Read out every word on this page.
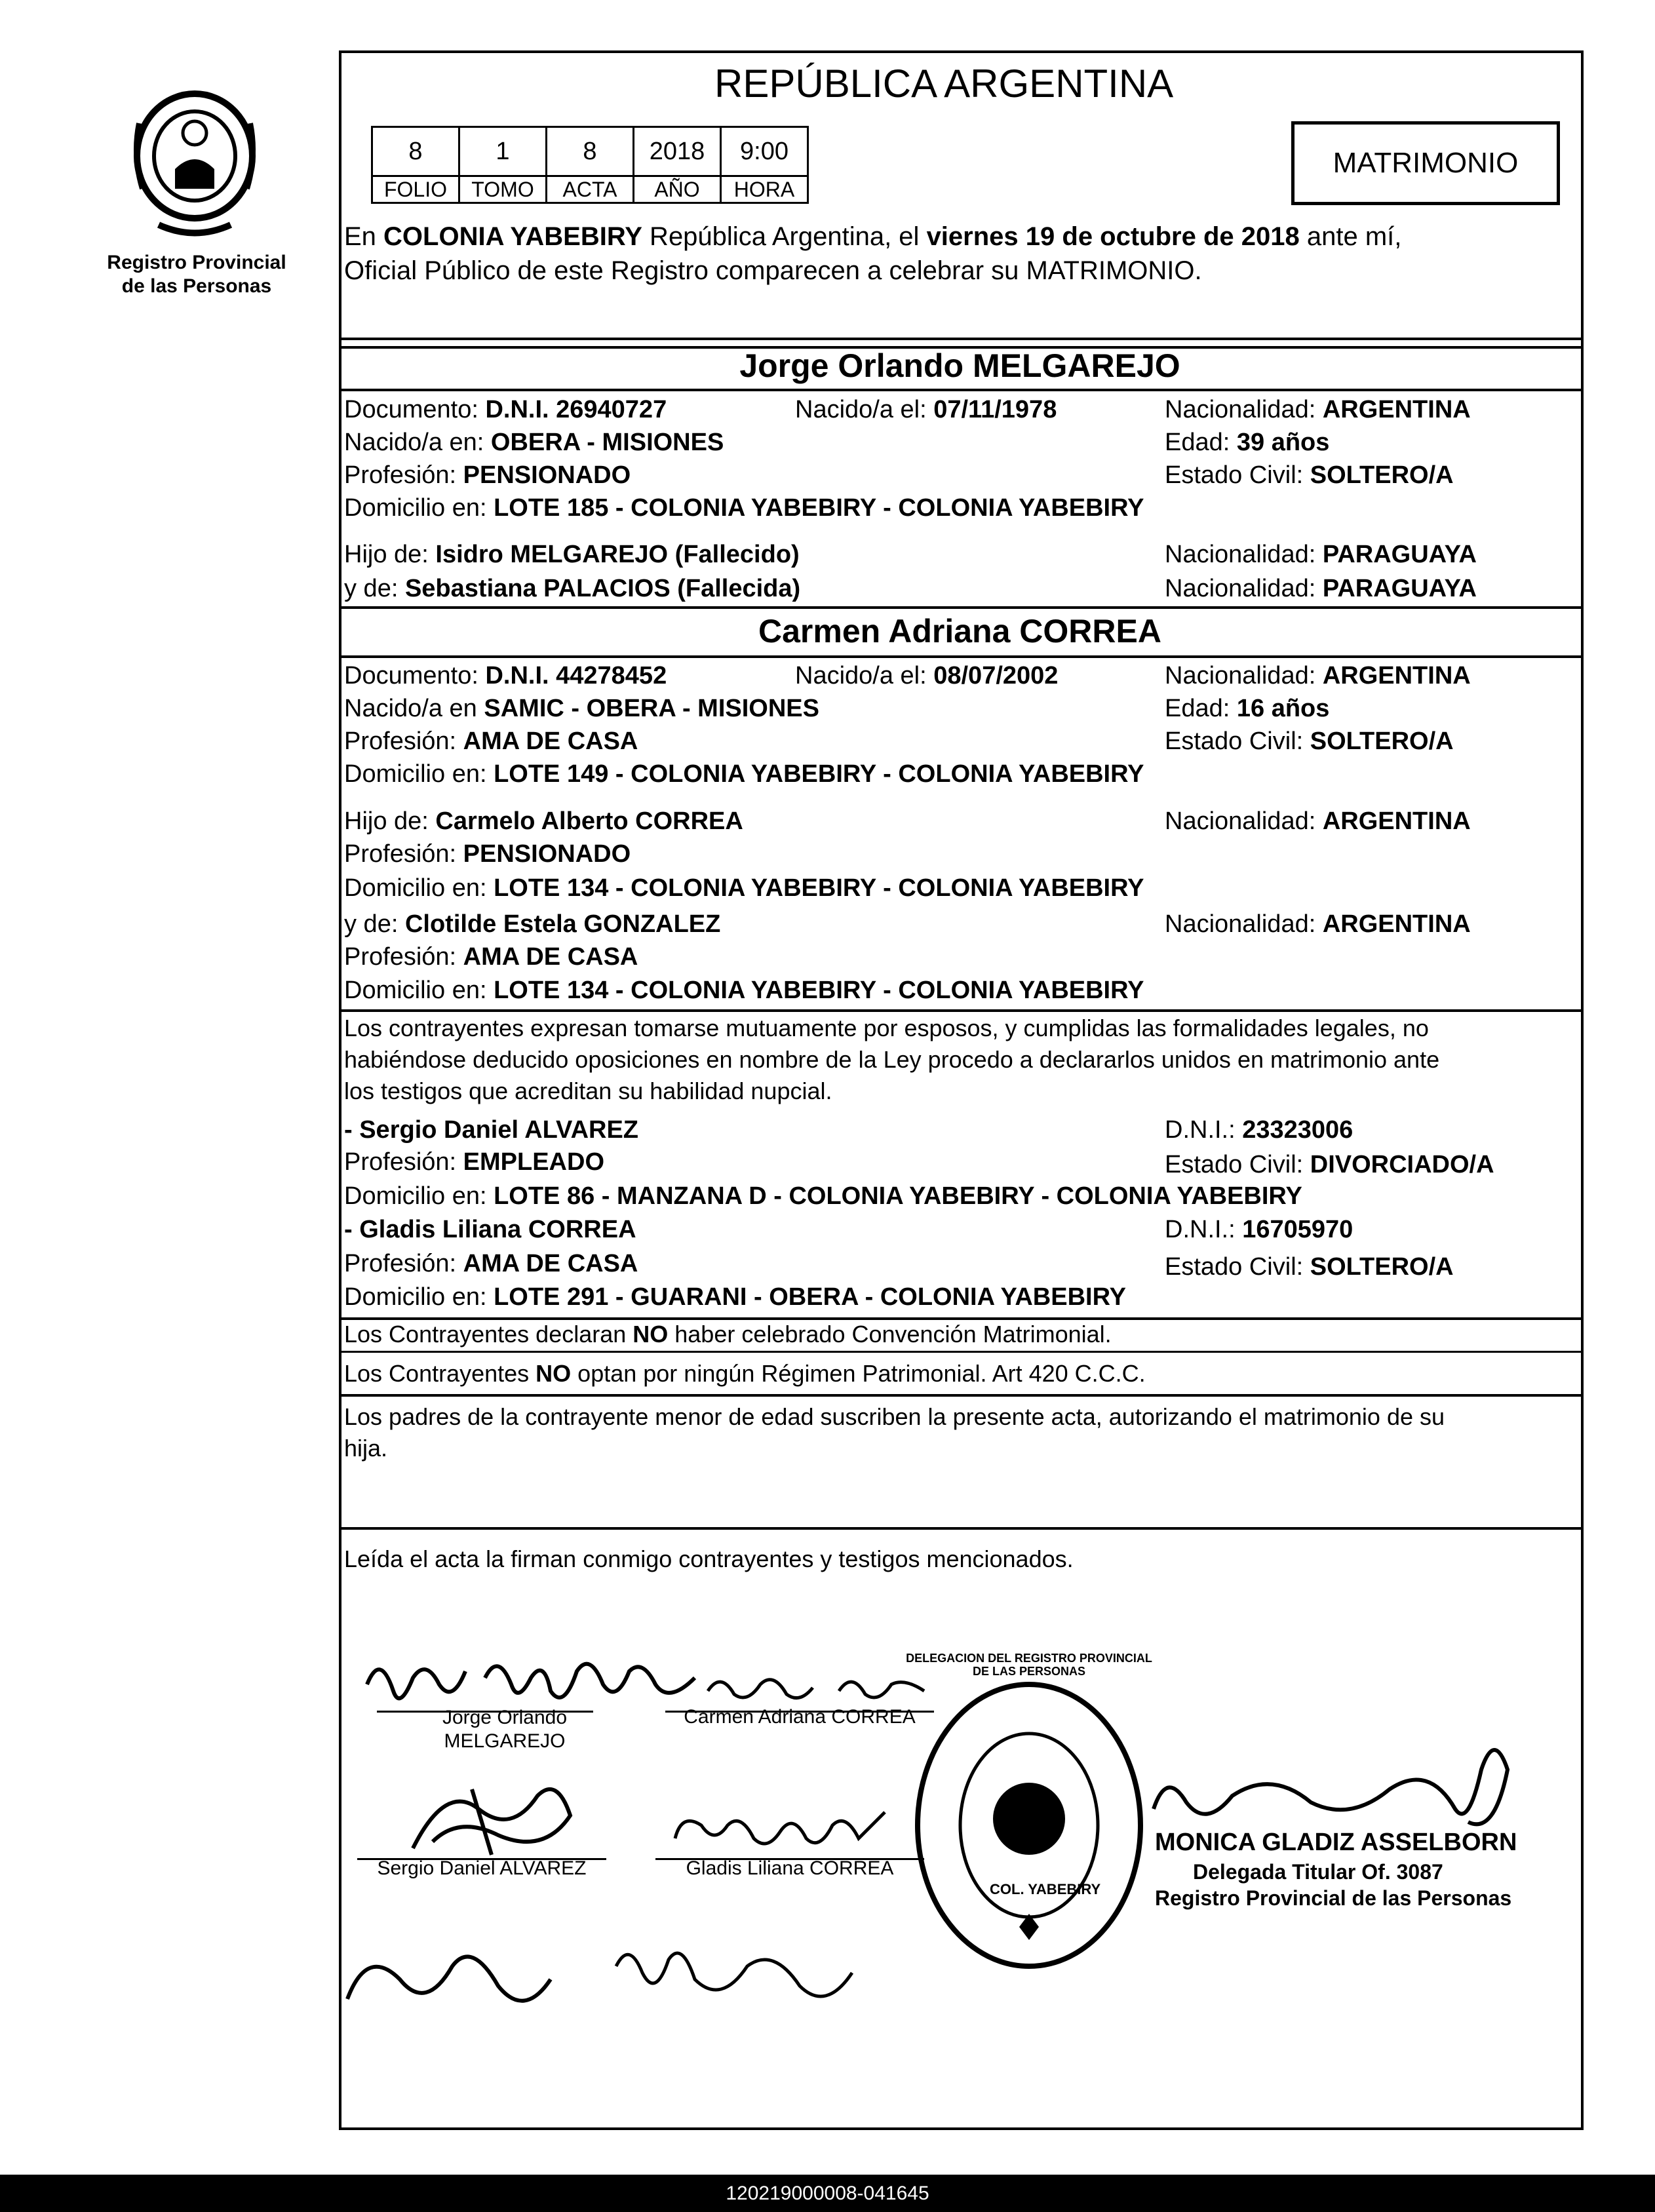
Registro Provincial
de las Personas
REPÚBLICA ARGENTINA
8	1	8	2018	9:00
FOLIO	TOMO	ACTA	AÑO	HORA
MATRIMONIO
En COLONIA YABEBIRY República Argentina, el viernes 19 de octubre de 2018 ante mí,
Oficial Público de este Registro comparecen a celebrar su MATRIMONIO.
Jorge Orlando MELGAREJO
Documento: D.N.I. 26940727	Nacido/a el: 07/11/1978	Nacionalidad: ARGENTINA
Nacido/a en: OBERA - MISIONES	Edad: 39 años
Profesión: PENSIONADO	Estado Civil: SOLTERO/A
Domicilio en: LOTE 185 - COLONIA YABEBIRY - COLONIA YABEBIRY
Hijo de: Isidro MELGAREJO (Fallecido)	Nacionalidad: PARAGUAYA
y de: Sebastiana PALACIOS (Fallecida)	Nacionalidad: PARAGUAYA
Carmen Adriana CORREA
Documento: D.N.I. 44278452	Nacido/a el: 08/07/2002	Nacionalidad: ARGENTINA
Nacido/a en SAMIC - OBERA - MISIONES	Edad: 16 años
Profesión: AMA DE CASA	Estado Civil: SOLTERO/A
Domicilio en: LOTE 149 - COLONIA YABEBIRY - COLONIA YABEBIRY
Hijo de: Carmelo Alberto CORREA	Nacionalidad: ARGENTINA
Profesión: PENSIONADO
Domicilio en: LOTE 134 - COLONIA YABEBIRY - COLONIA YABEBIRY
y de: Clotilde Estela GONZALEZ	Nacionalidad: ARGENTINA
Profesión: AMA DE CASA
Domicilio en: LOTE 134 - COLONIA YABEBIRY - COLONIA YABEBIRY
Los contrayentes expresan tomarse mutuamente por esposos, y cumplidas las formalidades legales, no
habiéndose deducido oposiciones en nombre de la Ley procedo a declararlos unidos en matrimonio ante
los testigos que acreditan su habilidad nupcial.
- Sergio Daniel ALVAREZ	D.N.I.: 23323006
Profesión: EMPLEADO	Estado Civil: DIVORCIADO/A
Domicilio en: LOTE 86 - MANZANA D - COLONIA YABEBIRY - COLONIA YABEBIRY
- Gladis Liliana CORREA	D.N.I.: 16705970
Profesión: AMA DE CASA	Estado Civil: SOLTERO/A
Domicilio en: LOTE 291 - GUARANI - OBERA - COLONIA YABEBIRY
Los Contrayentes declaran NO haber celebrado Convención Matrimonial.
Los Contrayentes NO optan por ningún Régimen Patrimonial. Art 420 C.C.C.
Los padres de la contrayente menor de edad suscriben la presente acta, autorizando el matrimonio de su
hija.
Leída el acta la firman conmigo contrayentes y testigos mencionados.
Jorge Orlando
MELGAREJO
Carmen Adriana CORREA
Sergio Daniel ALVAREZ	Gladis Liliana CORREA
DELEGACION DEL REGISTRO PROVINCIAL DE LAS PERSONAS
COL. YABEBIRY
MONICA GLADIZ ASSELBORN
Delegada Titular Of. 3087
Registro Provincial de las Personas
120219000008-041645
